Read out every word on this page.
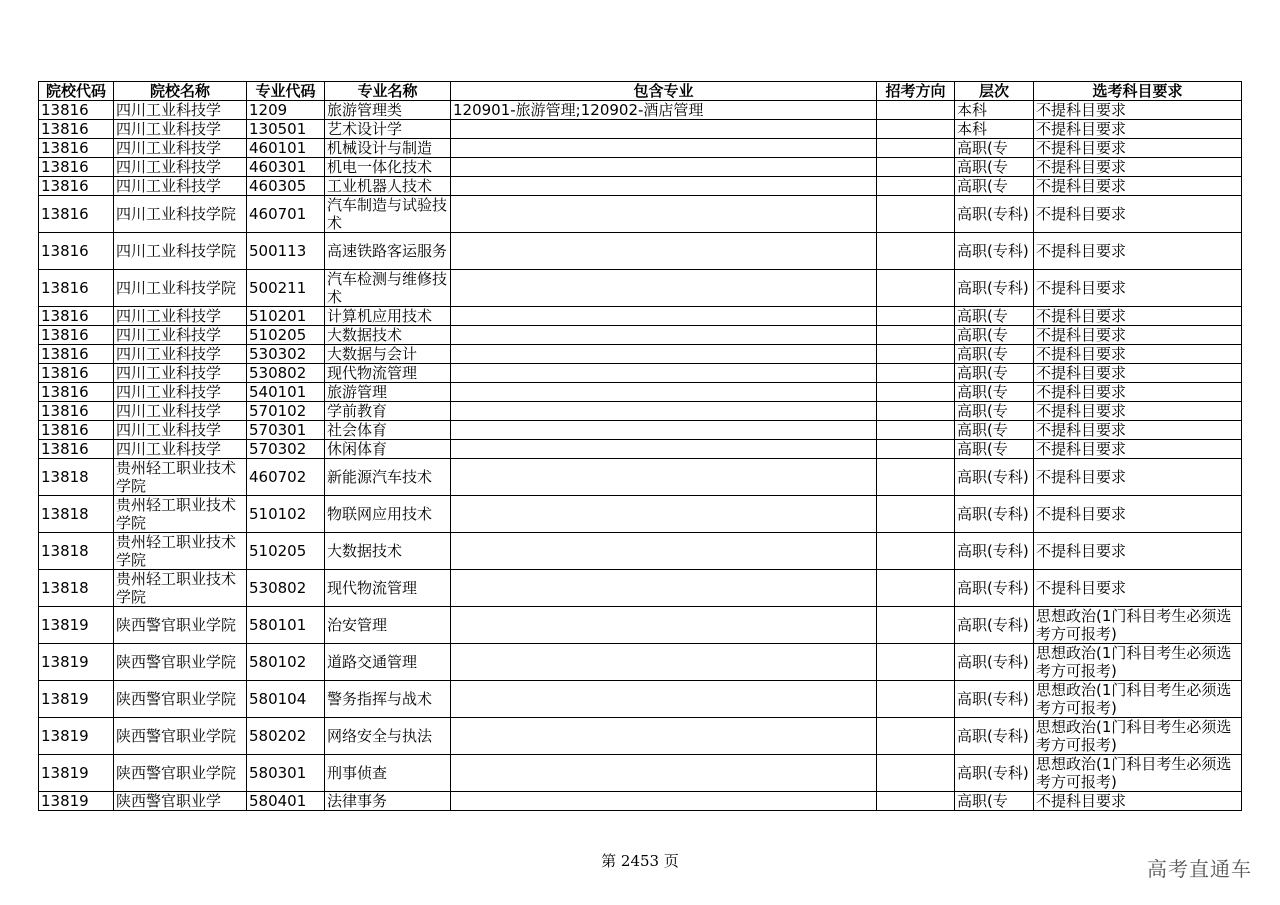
院校代码	院校名称	专业代码	专业名称	包含专业	招考方向	层次	选考科目要求
13816	四川工业科技学	1209	旅游管理类	120901-旅游管理;120902-酒店管理		本科	不提科目要求
13816	四川工业科技学	130501	艺术设计学			本科	不提科目要求
13816	四川工业科技学	460101	机械设计与制造			高职(专	不提科目要求
13816	四川工业科技学	460301	机电一体化技术			高职(专	不提科目要求
13816	四川工业科技学	460305	工业机器人技术			高职(专	不提科目要求
13816	四川工业科技学院	460701	汽车制造与试验技术			高职(专科)	不提科目要求
13816	四川工业科技学院	500113	高速铁路客运服务			高职(专科)	不提科目要求
13816	四川工业科技学院	500211	汽车检测与维修技术			高职(专科)	不提科目要求
13816	四川工业科技学	510201	计算机应用技术			高职(专	不提科目要求
13816	四川工业科技学	510205	大数据技术			高职(专	不提科目要求
13816	四川工业科技学	530302	大数据与会计			高职(专	不提科目要求
13816	四川工业科技学	530802	现代物流管理			高职(专	不提科目要求
13816	四川工业科技学	540101	旅游管理			高职(专	不提科目要求
13816	四川工业科技学	570102	学前教育			高职(专	不提科目要求
13816	四川工业科技学	570301	社会体育			高职(专	不提科目要求
13816	四川工业科技学	570302	休闲体育			高职(专	不提科目要求
13818	贵州轻工职业技术学院	460702	新能源汽车技术			高职(专科)	不提科目要求
13818	贵州轻工职业技术学院	510102	物联网应用技术			高职(专科)	不提科目要求
13818	贵州轻工职业技术学院	510205	大数据技术			高职(专科)	不提科目要求
13818	贵州轻工职业技术学院	530802	现代物流管理			高职(专科)	不提科目要求
13819	陕西警官职业学院	580101	治安管理			高职(专科)	思想政治(1门科目考生必须选考方可报考)
13819	陕西警官职业学院	580102	道路交通管理			高职(专科)	思想政治(1门科目考生必须选考方可报考)
13819	陕西警官职业学院	580104	警务指挥与战术			高职(专科)	思想政治(1门科目考生必须选考方可报考)
13819	陕西警官职业学院	580202	网络安全与执法			高职(专科)	思想政治(1门科目考生必须选考方可报考)
13819	陕西警官职业学院	580301	刑事侦查			高职(专科)	思想政治(1门科目考生必须选考方可报考)
13819	陕西警官职业学	580401	法律事务			高职(专	不提科目要求
第 2453 页	高考直通车
